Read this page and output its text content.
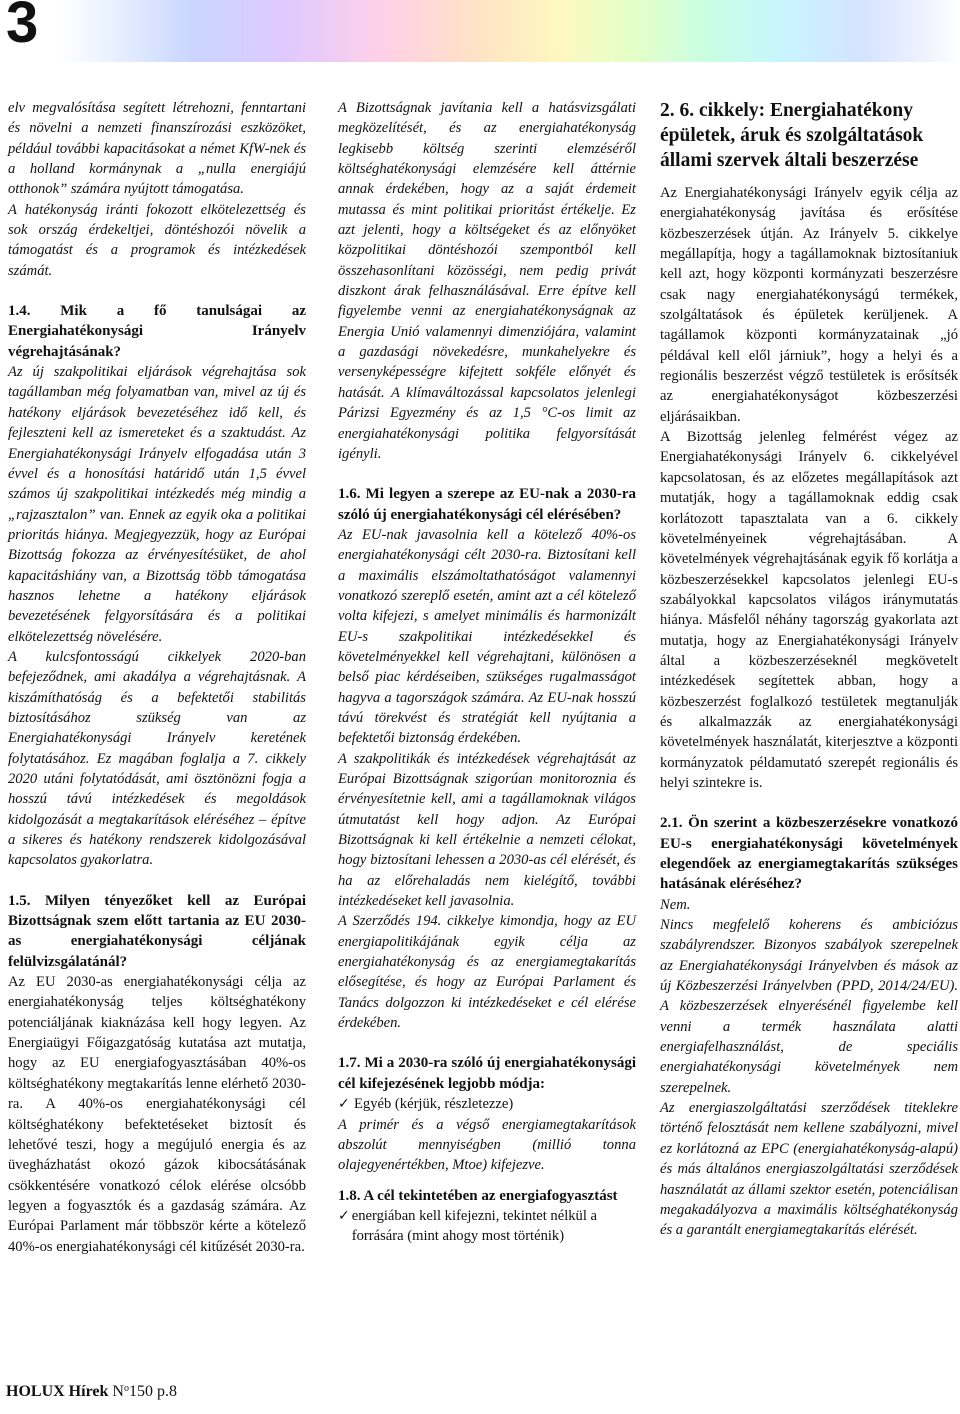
3

elv megvalósítása segített létrehozni, fenntartani és növelni a nemzeti finanszírozási eszközöket, például további kapacitásokat a német KfW-nek és a holland kormánynak a „nulla energiájú otthonok” számára nyújtott támogatása.

A hatékonyság iránti fokozott elkötelezettség és sok ország érdekeltjei, döntéshozói növelik a támogatást és a programok és intézkedések számát.

1.4. Mik a fő tanulságai az Energiahatékonysági Irányelv végrehajtásának?

Az új szakpolitikai eljárások végrehajtása sok tagállamban még folyamatban van, mivel az új és hatékony eljárások bevezetéséhez idő kell, és fejleszteni kell az ismereteket és a szaktudást. Az Energiahatékonysági Irányelv elfogadása után 3 évvel és a honosítási határidő után 1,5 évvel számos új szakpolitikai intézkedés még mindig a „rajzasztalon” van. Ennek az egyik oka a politikai prioritás hiánya. Megjegyezzük, hogy az Európai Bizottság fokozza az érvényesítésüket, de ahol kapacitáshiány van, a Bizottság több támogatása hasznos lehetne a hatékony eljárások bevezetésének felgyorsítására és a politikai elkötelezettség növelésére.

A kulcsfontosságú cikkelyek 2020-ban befejeződnek, ami akadálya a végrehajtásnak. A kiszámíthatóság és a befektetői stabilitás biztosításához szükség van az Energiahatékonysági Irányelv keretének folytatásához. Ez magában foglalja a 7. cikkely 2020 utáni folytatódását, ami ösztönözni fogja a hosszú távú intézkedések és megoldások kidolgozását a megtakarítások eléréséhez – építve a sikeres és hatékony rendszerek kidolgozásával kapcsolatos gyakorlatra.

1.5. Milyen tényezőket kell az Európai Bizottságnak szem előtt tartania az EU 2030-as energiahatékonysági céljának felülvizsgálatánál?

Az EU 2030-as energiahatékonysági célja az energiahatékonyság teljes költséghatékony potenciáljának kiaknázása kell hogy legyen. Az Energiaügyi Főigazgatóság kutatása azt mutatja, hogy az EU energiafogyasztásában 40%-os költséghatékony megtakarítás lenne elérhető 2030-ra. A 40%-os energiahatékonysági cél költséghatékony befektetéseket biztosít és lehetővé teszi, hogy a megújuló energia és az üvegházhatást okozó gázok kibocsátásának csökkentésére vonatkozó célok elérése olcsóbb legyen a fogyasztók és a gazdaság számára. Az Európai Parlament már többször kérte a kötelező 40%-os energiahatékonysági cél kitűzését 2030-ra.

A Bizottságnak javítania kell a hatásvizsgálati megközelítését, és az energiahatékonyság legkisebb költség szerinti elemzéséről költséghatékonysági elemzésére kell áttérnie annak érdekében, hogy az a saját érdemeit mutassa és mint politikai prioritást értékelje. Ez azt jelenti, hogy a költségeket és az előnyöket közpolitikai döntéshozói szempontból kell összehasonlítani közösségi, nem pedig privát diszkont árak felhasználásával. Erre építve kell figyelembe venni az energiahatékonyságnak az Energia Unió valamennyi dimenziójára, valamint a gazdasági növekedésre, munkahelyekre és versenyképességre kifejtett sokféle előnyét és hatását. A klímaváltozással kapcsolatos jelenlegi Párizsi Egyezmény és az 1,5 °C-os limit az energiahatékonysági politika felgyorsítását igényli.

1.6. Mi legyen a szerepe az EU-nak a 2030-ra szóló új energiahatékonysági cél elérésében?

Az EU-nak javasolnia kell a kötelező 40%-os energiahatékonysági célt 2030-ra. Biztosítani kell a maximális elszámoltathatóságot valamennyi vonatkozó szereplő esetén, amint azt a cél kötelező volta kifejezi, s amelyet minimális és harmonizált EU-s szakpolitikai intézkedésekkel és követelményekkel kell végrehajtani, különösen a belső piac kérdéseiben, szükséges rugalmasságot hagyva a tagországok számára. Az EU-nak hosszú távú törekvést és stratégiát kell nyújtania a befektetői biztonság érdekében.

A szakpolitikák és intézkedések végrehajtását az Európai Bizottságnak szigorúan monitoroznia és érvényesítetnie kell, ami a tagállamoknak világos útmutatást kell hogy adjon. Az Európai Bizottságnak ki kell értékelnie a nemzeti célokat, hogy biztosítani lehessen a 2030-as cél elérését, és ha az előrehaladás nem kielégítő, további intézkedéseket kell javasolnia.

A Szerződés 194. cikkelye kimondja, hogy az EU energiapolitikájának egyik célja az energiahatékonyság és az energiamegtakarítás elősegítése, és hogy az Európai Parlament és Tanács dolgozzon ki intézkedéseket e cél elérése érdekében.

1.7. Mi a 2030-ra szóló új energiahatékonysági cél kifejezésének legjobb módja:
✓ Egyéb (kérjük, részletezze)

A primér és a végső energiamegtakarítások abszolút mennyiségben (millió tonna olajegyenértékben, Mtoe) kifejezve.

1.8. A cél tekintetében az energiafogyasztást
✓ energiában kell kifejezni, tekintet nélkül a forrására (mint ahogy most történik)
2. 6. cikkely: Energiahatékony épületek, áruk és szolgáltatások állami szervek általi beszerzése

Az Energiahatékonysági Irányelv egyik célja az energiahatékonyság javítása és erősítése közbeszerzések útján. Az Irányelv 5. cikkelye megállapítja, hogy a tagállamoknak biztosítaniuk kell azt, hogy központi kormányzati beszerzésre csak nagy energiahatékonyságú termékek, szolgáltatások és épületek kerüljenek. A tagállamok központi kormányzatainak „jó példával kell elől járniuk”, hogy a helyi és a regionális beszerzést végző testületek is erősítsék az energiahatékonyságot közbeszerzési eljárásaikban.

A Bizottság jelenleg felmérést végez az Energiahatékonysági Irányelv 6. cikkelyével kapcsolatosan, és az előzetes megállapítások azt mutatják, hogy a tagállamoknak eddig csak korlátozott tapasztalata van a 6. cikkely követelményeinek végrehajtásában. A követelmények végrehajtásának egyik fő korlátja a közbeszerzésekkel kapcsolatos jelenlegi EU-s szabályokkal kapcsolatos világos iránymutatás hiánya. Másfelől néhány tagország gyakorlata azt mutatja, hogy az Energiahatékonysági Irányelv által a közbeszerzéseknél megkövetelt intézkedések segítettek abban, hogy a közbeszerzést foglalkozó testületek megtanulják és alkalmazzák az energiahatékonysági követelmények használatát, kiterjesztve a központi kormányzatok példamutató szerepét regionális és helyi szintekre is.

2.1. Ön szerint a közbeszerzésekre vonatkozó EU-s energiahatékonysági követelmények elegendőek az energiamegtakarítás szükséges hatásának eléréséhez?

Nem.

Nincs megfelelő koherens és ambiciózus szabályrendszer. Bizonyos szabályok szerepelnek az Energiahatékonysági Irányelvben és mások az új Közbeszerzési Irányelvben (PPD, 2014/24/EU). A közbeszerzések elnyerésénél figyelembe kell venni a termék használata alatti energiafelhasználást, de speciális energiahatékonysági követelmények nem szerepelnek.

Az energiaszolgáltatási szerződések titeklekre történő felosztását nem kellene szabályozni, mivel ez korlátozná az EPC (energiahatékonyság-alapú) és más általános energiaszolgáltatási szerződések használatát az állami szektor esetén, potenciálisan megakadályozva a maximális költséghatékonyság és a garantált energiamegtakarítás elérését.

HOLUX Hírek $N^o150$ p.8
